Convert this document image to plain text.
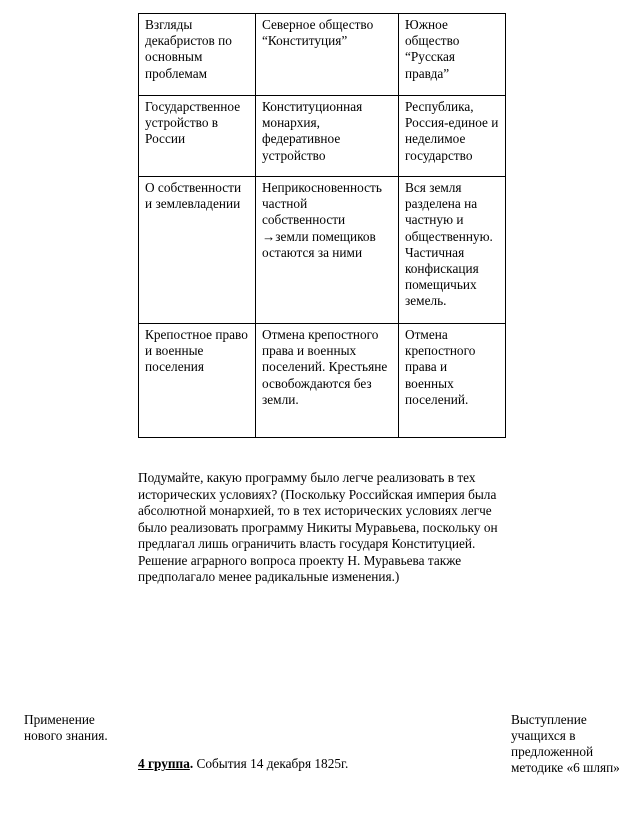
Взгляды декабристов по основным проблемам	Северное общество “Конституция”	Южное общество “Русская правда”
Государственное устройство в России	Конституционная монархия, федеративное устройство	Республика, Россия-единое и неделимое государство
О собственности и землевладении	Неприкосновенность частной собственности →земли помещиков остаются за ними	Вся земля разделена на частную и общественную. Частичная конфискация помещичьих земель.
Крепостное право и военные поселения	Отмена крепостного права и военных поселений. Крестьяне освобождаются без земли.	Отмена крепостного права и военных поселений.
Подумайте, какую программу было легче реализовать в тех исторических условиях? (Поскольку Российская империя была абсолютной монархией, то в тех исторических условиях легче было реализовать программу Никиты Муравьева, поскольку он предлагал лишь ограничить власть государя Конституцией. Решение аграрного вопроса проекту Н. Муравьева также предполагало менее радикальные изменения.)
Применение
нового знания.
Выступление
учащихся в
предложенной
методике «6 шляп»
4 группа. События 14 декабря 1825г.
